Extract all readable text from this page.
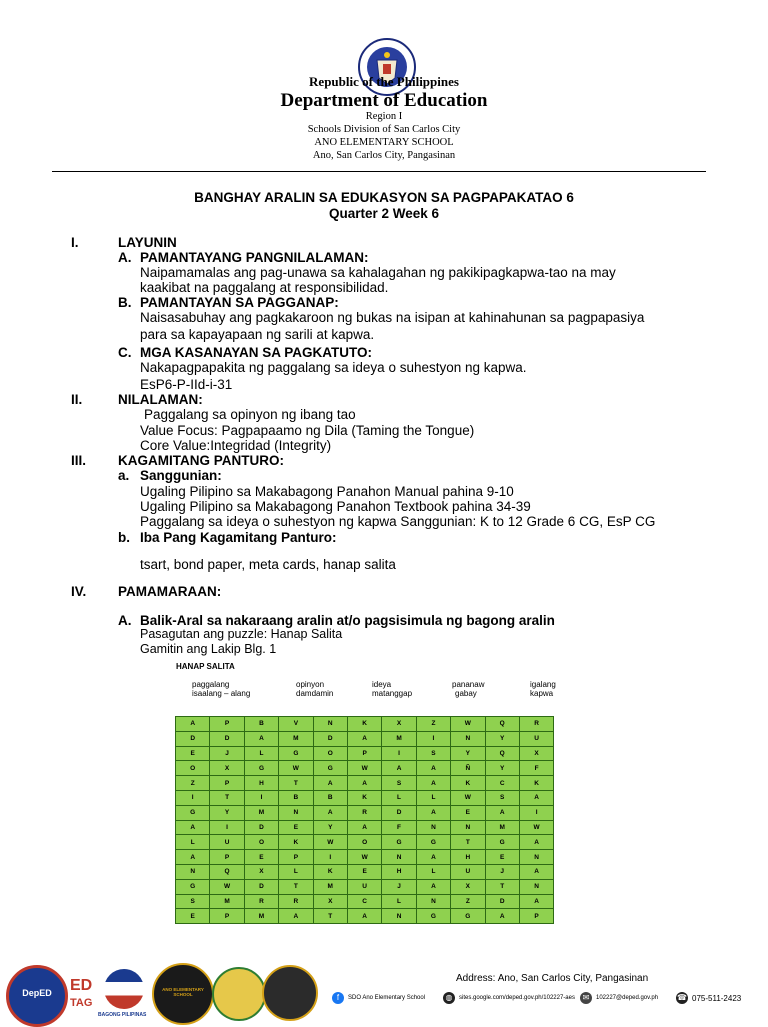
Republic of the Philippines
Department of Education
Region I
Schools Division of San Carlos City
ANO ELEMENTARY SCHOOL
Ano, San Carlos City, Pangasinan
BANGHAY ARALIN SA EDUKASYON SA PAGPAPAKATAO 6
Quarter 2 Week 6
I.	LAYUNIN
A. PAMANTAYANG PANGNILALAMAN:
Naipamamalas ang pag-unawa sa kahalagahan ng pakikipagkapwa-tao na may
kaakibat na paggalang at responsibilidad.
B. PAMANTAYAN SA PAGGANAP:
Naisasabuhay ang pagkakaroon ng bukas na isipan at kahinahunan sa pagpapasiya
para sa kapayapaan ng sarili at kapwa.
C. MGA KASANAYAN SA PAGKATUTO:
Nakapagpapakita ng paggalang sa ideya o suhestyon ng kapwa.
EsP6-P-IId-i-31
II.	NILALAMAN:
Paggalang sa opinyon ng ibang tao
Value Focus: Pagpapaamo ng Dila (Taming the Tongue)
Core Value:Integridad (Integrity)
III. KAGAMITANG PANTURO:
a. Sanggunian:
Ugaling Pilipino sa Makabagong Panahon Manual pahina 9-10
Ugaling Pilipino sa Makabagong Panahon Textbook pahina 34-39
Paggalang sa ideya o suhestyon ng kapwa Sanggunian: K to 12 Grade 6 CG, EsP CG
b. Iba Pang Kagamitang Panturo:
tsart, bond paper, meta cards, hanap salita
IV. PAMAMARAAN:
A. Balik-Aral sa nakaraang aralin at/o pagsisimula ng bagong aralin
Pasagutan ang puzzle: Hanap Salita
Gamitin ang Lakip Blg. 1
HANAP SALITA
paggalang	opinyon	ideya	pananaw	igalang
isaalang – alang	damdamin	matanggap	gabay	kapwa
A	P	B	V	N	K	X	Z	W	Q	R
D	D	A	M	D	A	M	I	N	Y	U
E	J	L	G	O	P	I	S	Y	Q	X
O	X	G	W	G	W	A	A	Ñ	Y	F
Z	P	H	T	A	A	S	A	K	C	K
I	T	I	B	B	K	L	L	W	S	A
G	Y	M	N	A	R	D	A	E	A	I
A	I	D	E	Y	A	F	N	N	M	W
L	U	O	K	W	O	G	G	T	G	A
A	P	E	P	I	W	N	A	H	E	N
N	Q	X	L	K	E	H	L	U	J	A
G	W	D	T	M	U	J	A	X	T	N
S	M	R	R	X	C	L	N	Z	D	A
E	P	M	A	T	A	N	G	G	A	P
DepED ED
TAG
BAGONG PILIPINAS
ANO ELEMENTARY SCHOOL
Address: Ano, San Carlos City, Pangasinan
f	SDO Ano Elementary School	◍	sites.google.com/deped.gov.ph/102227-aes ✉	102227@deped.gov.ph ☎ 075-511-2423
